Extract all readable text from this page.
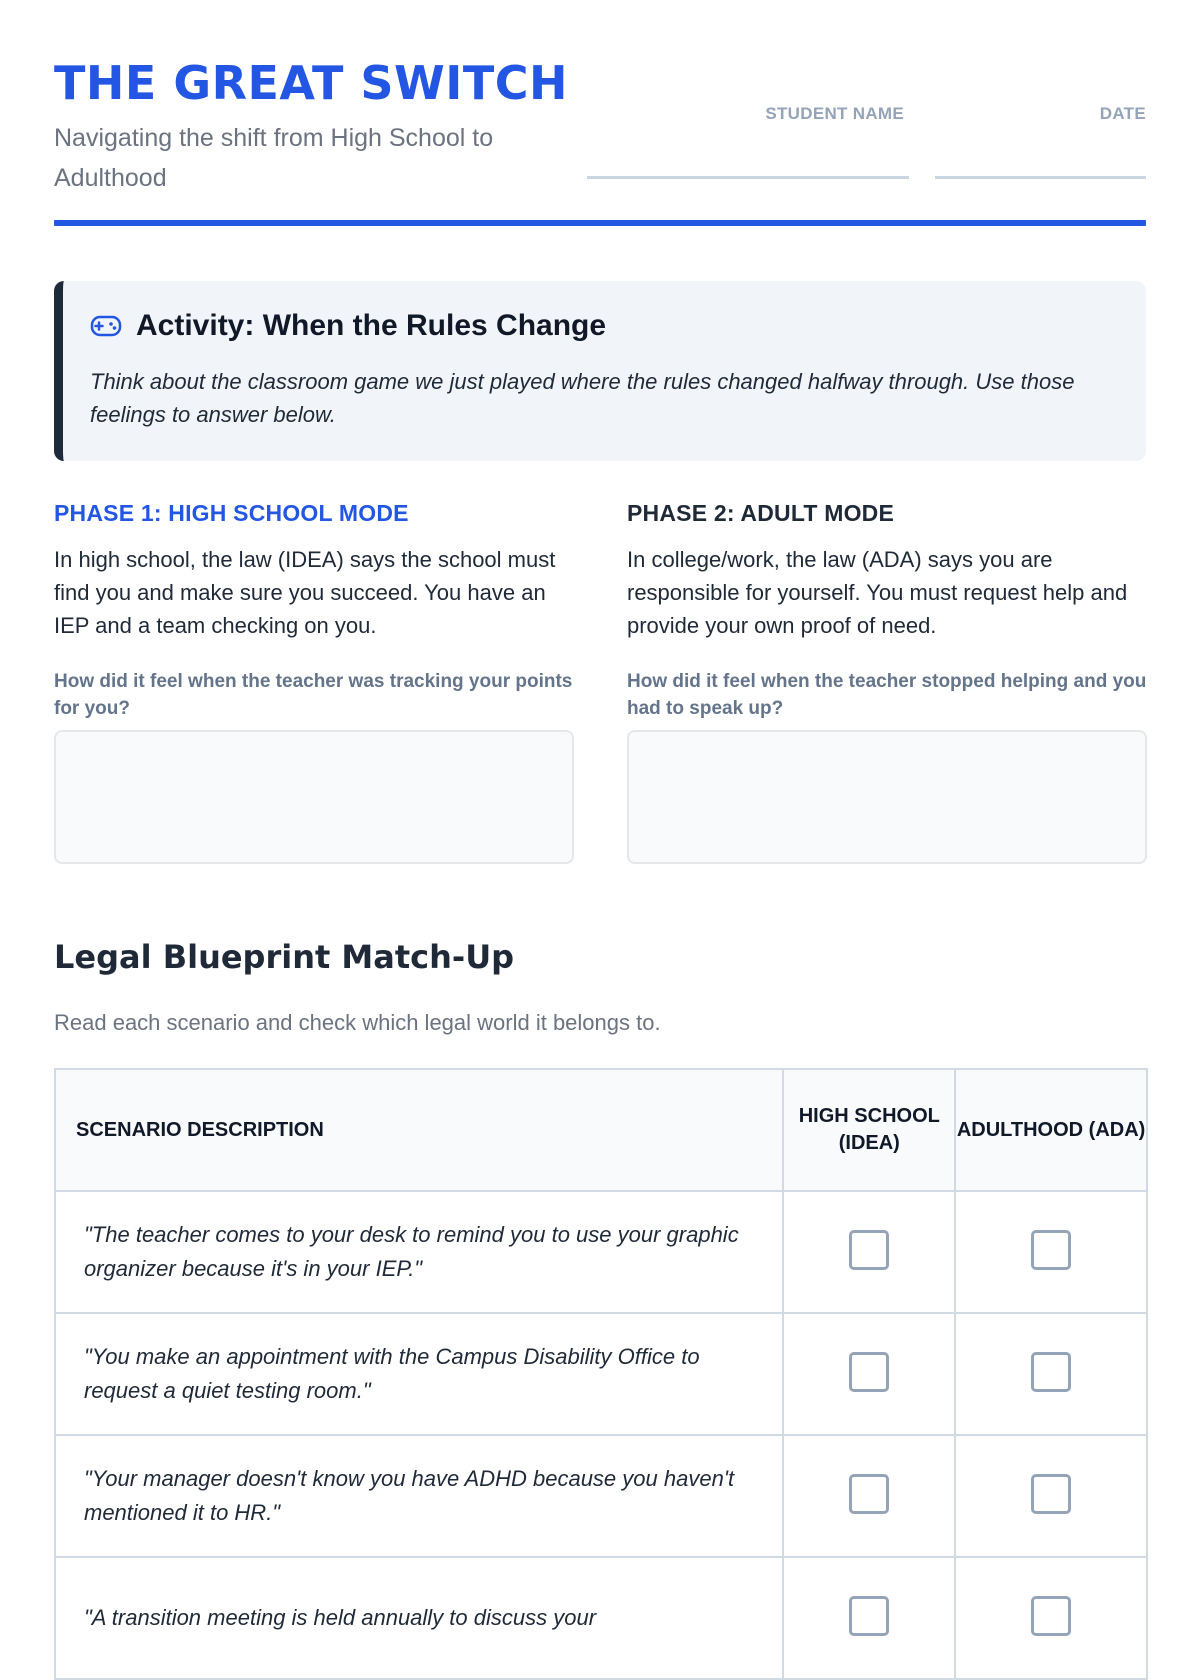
THE GREAT SWITCH
Navigating the shift from High School to Adulthood
STUDENT NAME	DATE
Activity: When the Rules Change
Think about the classroom game we just played where the rules changed halfway through. Use those feelings to answer below.
PHASE 1: HIGH SCHOOL MODE
In high school, the law (IDEA) says the school must find you and make sure you succeed. You have an IEP and a team checking on you.
How did it feel when the teacher was tracking your points for you?
PHASE 2: ADULT MODE
In college/work, the law (ADA) says you are responsible for yourself. You must request help and provide your own proof of need.
How did it feel when the teacher stopped helping and you had to speak up?
Legal Blueprint Match-Up
Read each scenario and check which legal world it belongs to.
SCENARIO DESCRIPTION	HIGH SCHOOL (IDEA)	ADULTHOOD (ADA)
"The teacher comes to your desk to remind you to use your graphic organizer because it's in your IEP."		
"You make an appointment with the Campus Disability Office to request a quiet testing room."		
"Your manager doesn't know you have ADHD because you haven't mentioned it to HR."		
"A transition meeting is held annually to discuss your		
